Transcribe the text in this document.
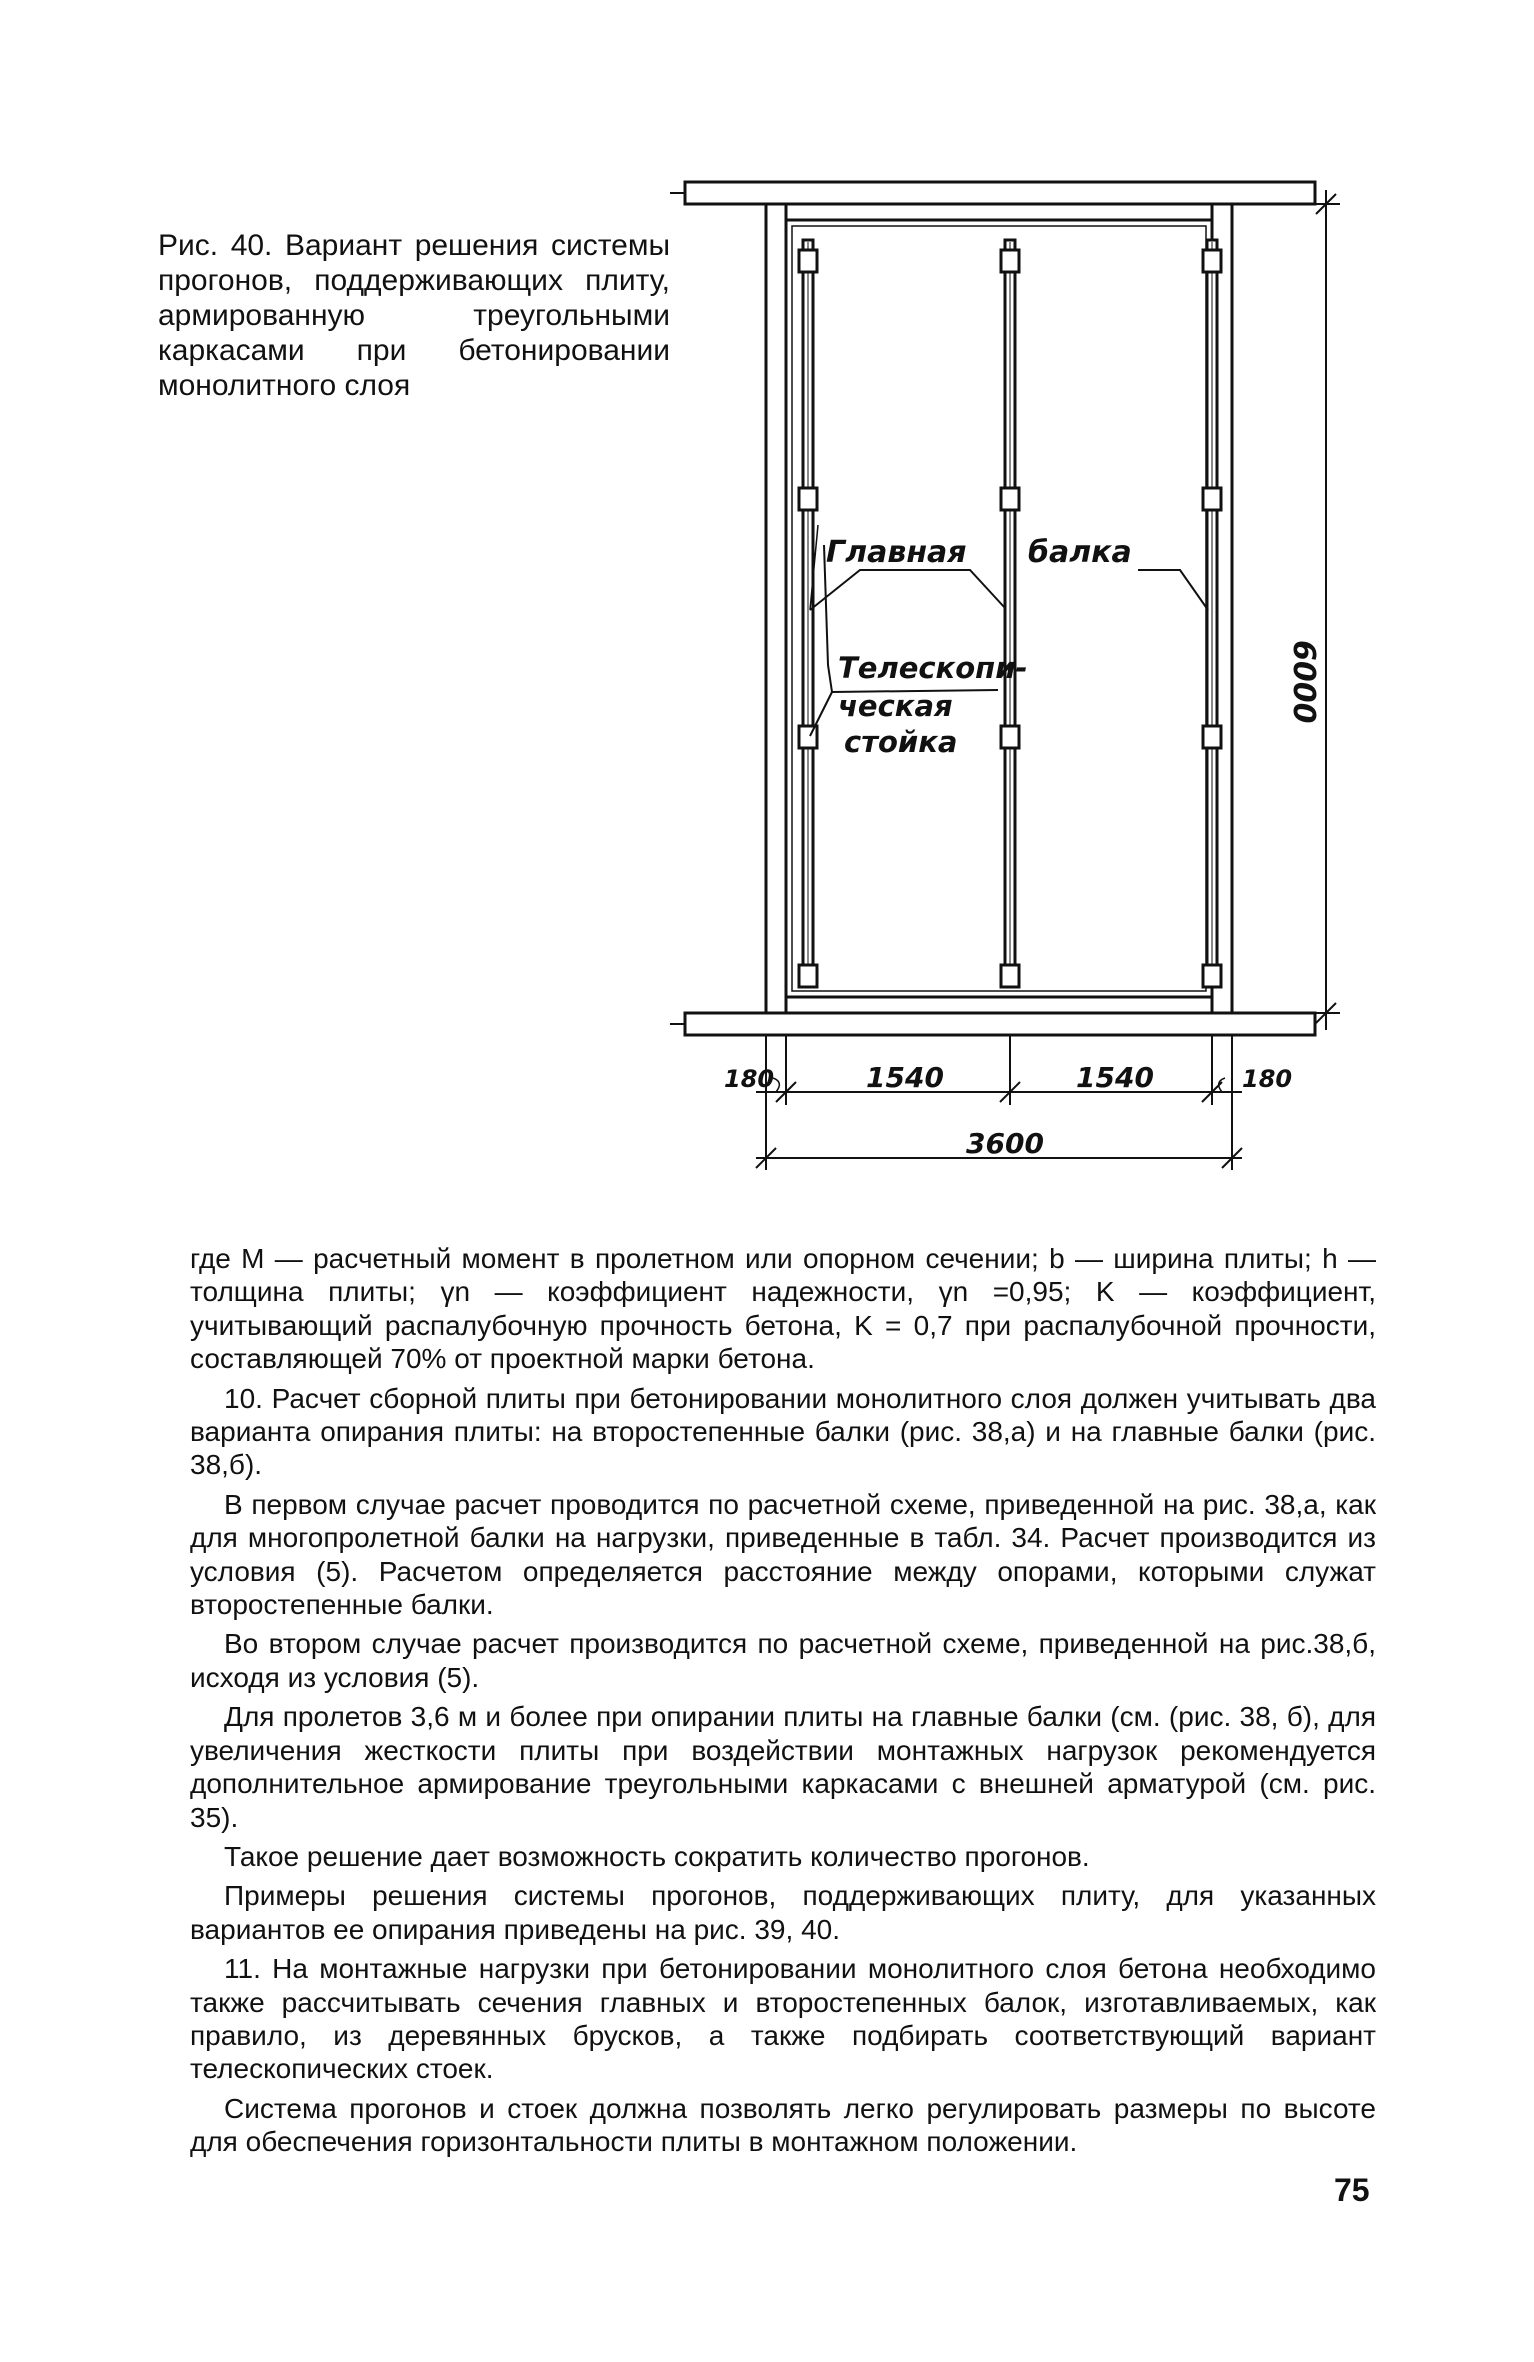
Рис. 40. Вариант решения системы прогонов, поддерживающих плиту, армированную треугольными каркасами при бетонировании монолитного слоя
Главная балка
Телескопи-
ческая
стойка
6000
180	1540	1540	180
3600

где M — расчетный момент в пролетном или опорном сечении; b — ширина плиты; h — толщина плиты; γn — коэффициент надежности, γn =0,95; K — коэффициент, учитывающий распалубочную прочность бетона, K = 0,7 при распалубочной прочности, составляющей 70% от проектной марки бетона.

10. Расчет сборной плиты при бетонировании монолитного слоя должен учитывать два варианта опирания плиты: на второстепенные балки (рис. 38,а) и на главные балки (рис. 38,б).

В первом случае расчет проводится по расчетной схеме, приведенной на рис. 38,а, как для многопролетной балки на нагрузки, приведенные в табл. 34. Расчет производится из условия (5). Расчетом определяется расстояние между опорами, которыми служат второстепенные балки.

Во втором случае расчет производится по расчетной схеме, приведенной на рис.38,б, исходя из условия (5).

Для пролетов 3,6 м и более при опирании плиты на главные балки (см. (рис. 38, б), для увеличения жесткости плиты при воздействии монтажных нагрузок рекомендуется дополнительное армирование треугольными каркасами с внешней арматурой (см. рис. 35).

Такое решение дает возможность сократить количество прогонов.

Примеры решения системы прогонов, поддерживающих плиту, для указанных вариантов ее опирания приведены на рис. 39, 40.

11. На монтажные нагрузки при бетонировании монолитного слоя бетона необходимо также рассчитывать сечения главных и второстепенных балок, изготавливаемых, как правило, из деревянных брусков, а также подбирать соответствующий вариант телескопических стоек.

Система прогонов и стоек должна позволять легко регулировать размеры по высоте для обеспечения горизонтальности плиты в монтажном положении.

75
